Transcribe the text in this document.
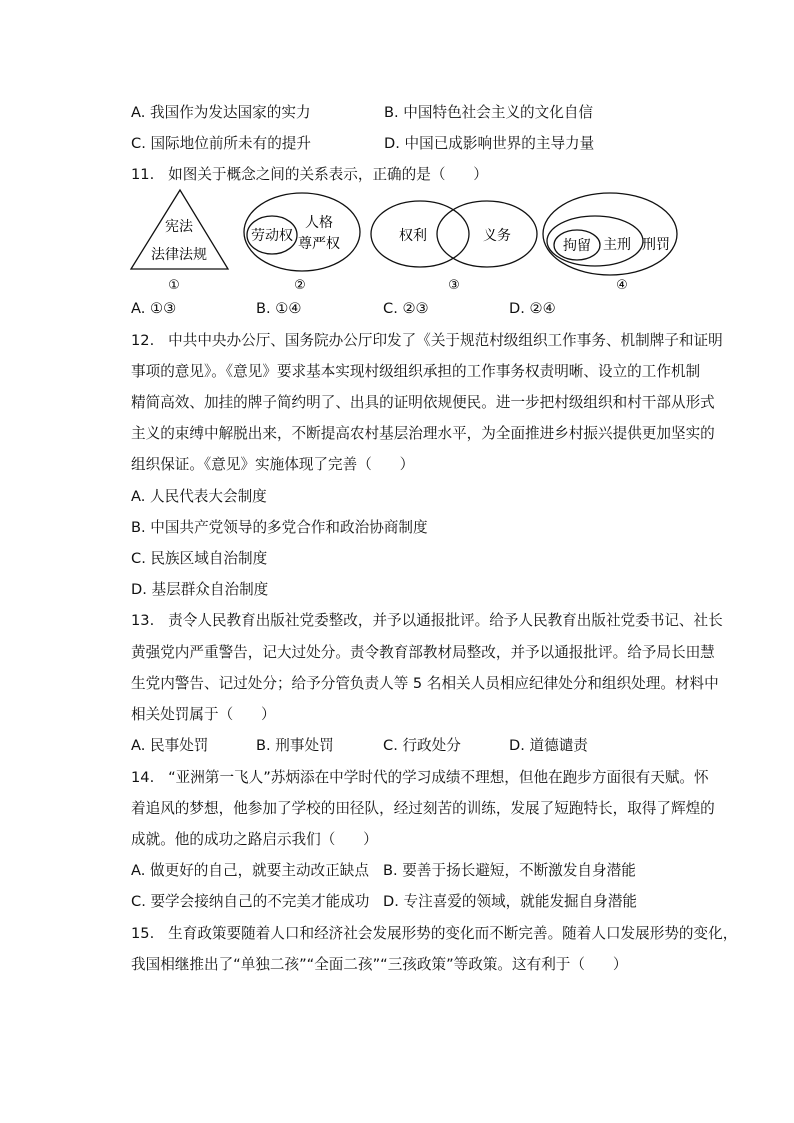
A. 我国作为发达国家的实力	B. 中国特色社会主义的文化自信
C. 国际地位前所未有的提升	D. 中国已成影响世界的主导力量
11.   如图关于概念之间的关系表示，正确的是（      ）
宪法
法律法规
①
劳动权
人格
尊严权
②
权利	义务
③
拘留 主刑 刑罚
④
A. ①③	B. ①④	C. ②③	D. ②④
12.   中共中央办公厅、国务院办公厅印发了《关于规范村级组织工作事务、机制牌子和证明
事项的意见》。《意见》要求基本实现村级组织承担的工作事务权责明晰、设立的工作机制
精简高效、加挂的牌子简约明了、出具的证明依规便民。进一步把村级组织和村干部从形式
主义的束缚中解脱出来，不断提高农村基层治理水平，为全面推进乡村振兴提供更加坚实的
组织保证。《意见》实施体现了完善（      ）
A. 人民代表大会制度
B. 中国共产党领导的多党合作和政治协商制度
C. 民族区域自治制度
D. 基层群众自治制度
13.   责令人民教育出版社党委整改，并予以通报批评。给予人民教育出版社党委书记、社长
黄强党内严重警告，记大过处分。责令教育部教材局整改，并予以通报批评。给予局长田慧
生党内警告、记过处分；给予分管负责人等 5 名相关人员相应纪律处分和组织处理。材料中
相关处罚属于（      ）
A. 民事处罚	B. 刑事处罚	C. 行政处分	D. 道德谴责
14.   “亚洲第一飞人”苏炳添在中学时代的学习成绩不理想，但他在跑步方面很有天赋。怀
着追风的梦想，他参加了学校的田径队，经过刻苦的训练，发展了短跑特长，取得了辉煌的
成就。他的成功之路启示我们（      ）
A. 做更好的自己，就要主动改正缺点 B. 要善于扬长避短，不断激发自身潜能
C. 要学会接纳自己的不完美才能成功 D. 专注喜爱的领域，就能发掘自身潜能
15.   生育政策要随着人口和经济社会发展形势的变化而不断完善。随着人口发展形势的变化，
我国相继推出了“单独二孩”“全面二孩”“三孩政策”等政策。这有利于（      ）
